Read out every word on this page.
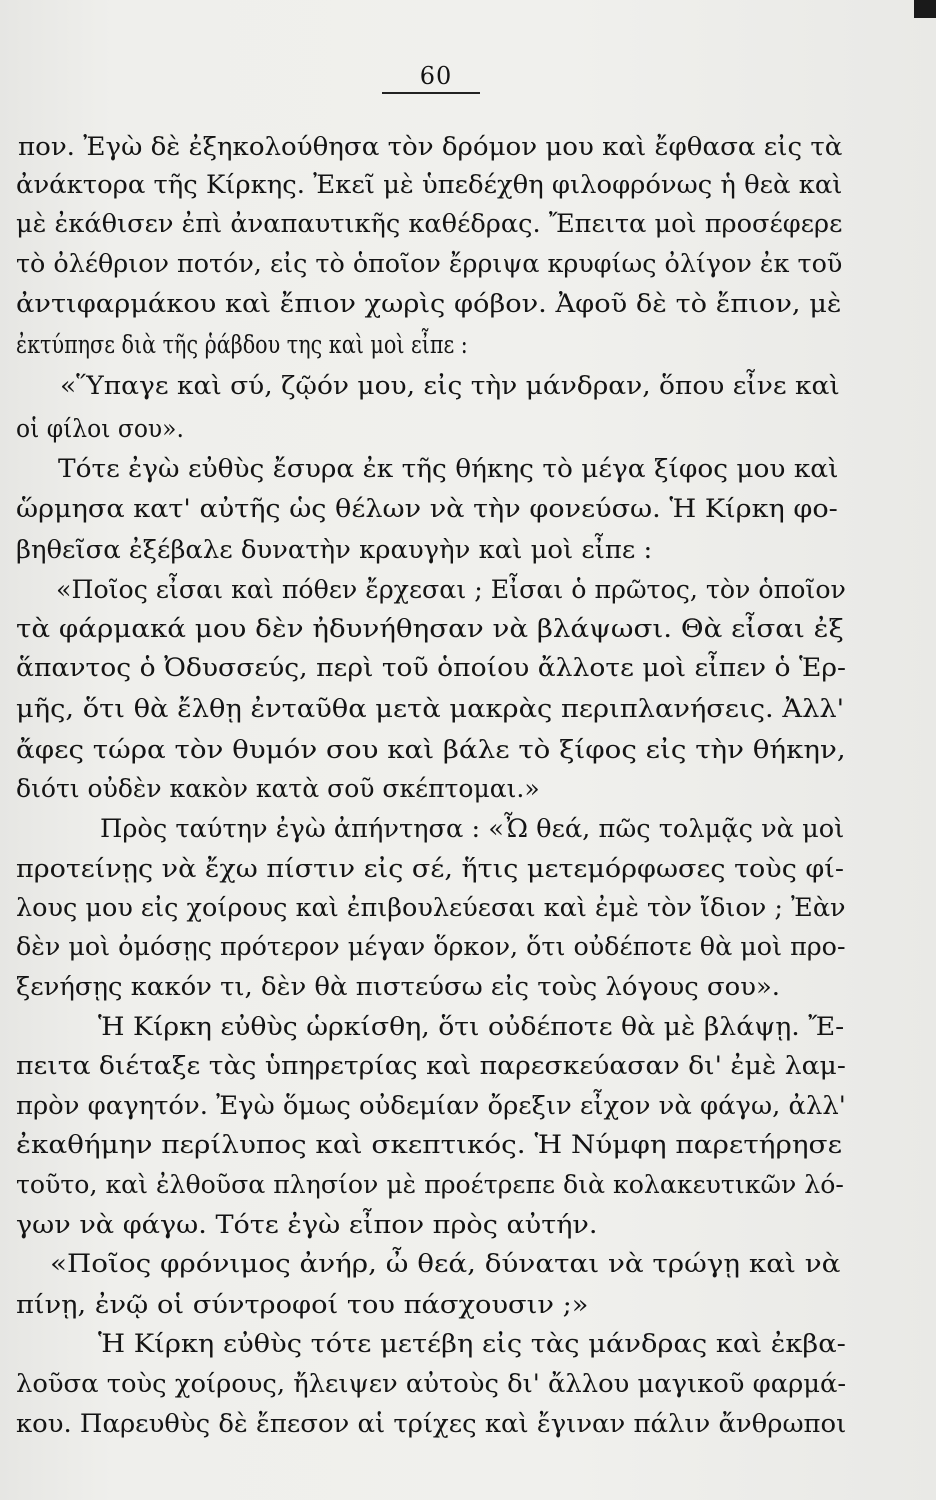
60
πον. Ἐγὼ δὲ ἐξηκολούθησα τὸν δρόμον μου καὶ ἔφθασα εἰς τὰ
ἀνάκτορα τῆς Κίρκης. Ἐκεῖ μὲ ὑπεδέχθη φιλοφρόνως ἡ θεὰ καὶ
μὲ ἐκάθισεν ἐπὶ ἀναπαυτικῆς καθέδρας. Ἔπειτα μοὶ προσέφερε
τὸ ὀλέθριον ποτόν, εἰς τὸ ὁποῖον ἔρριψα κρυφίως ὀλίγον ἐκ τοῦ
ἀντιφαρμάκου καὶ ἔπιον χωρὶς φόβον. Ἀφοῦ δὲ τὸ ἔπιον, μὲ
ἐκτύπησε διὰ τῆς ῥάβδου της καὶ μοὶ εἶπε :
«Ὕπαγε καὶ σύ, ζῷόν μου, εἰς τὴν μάνδραν, ὅπου εἶνε καὶ
οἱ φίλοι σου».
Τότε ἐγὼ εὐθὺς ἔσυρα ἐκ τῆς θήκης τὸ μέγα ξίφος μου καὶ
ὥρμησα κατ' αὐτῆς ὡς θέλων νὰ τὴν φονεύσω. Ἡ Κίρκη φο-
βηθεῖσα ἐξέβαλε δυνατὴν κραυγὴν καὶ μοὶ εἶπε :
«Ποῖος εἶσαι καὶ πόθεν ἔρχεσαι ; Εἶσαι ὁ πρῶτος, τὸν ὁποῖον
τὰ φάρμακά μου δὲν ἠδυνήθησαν νὰ βλάψωσι. Θὰ εἶσαι ἐξ
ἅπαντος ὁ Ὀδυσσεύς, περὶ τοῦ ὁποίου ἄλλοτε μοὶ εἶπεν ὁ Ἑρ-
μῆς, ὅτι θὰ ἔλθῃ ἐνταῦθα μετὰ μακρὰς περιπλανήσεις. Ἀλλ'
ἄφες τώρα τὸν θυμόν σου καὶ βάλε τὸ ξίφος εἰς τὴν θήκην,
διότι οὐδὲν κακὸν κατὰ σοῦ σκέπτομαι.»
Πρὸς ταύτην ἐγὼ ἀπήντησα : «Ὦ θεά, πῶς τολμᾷς νὰ μοὶ
προτείνῃς νὰ ἔχω πίστιν εἰς σέ, ἥτις μετεμόρφωσες τοὺς φί-
λους μου εἰς χοίρους καὶ ἐπιβουλεύεσαι καὶ ἐμὲ τὸν ἴδιον ; Ἐὰν
δὲν μοὶ ὀμόσῃς πρότερον μέγαν ὅρκον, ὅτι οὐδέποτε θὰ μοὶ προ-
ξενήσῃς κακόν τι, δὲν θὰ πιστεύσω εἰς τοὺς λόγους σου».
Ἡ Κίρκη εὐθὺς ὡρκίσθη, ὅτι οὐδέποτε θὰ μὲ βλάψῃ. Ἔ-
πειτα διέταξε τὰς ὑπηρετρίας καὶ παρεσκεύασαν δι' ἐμὲ λαμ-
πρὸν φαγητόν. Ἐγὼ ὅμως οὐδεμίαν ὄρεξιν εἶχον νὰ φάγω, ἀλλ'
ἐκαθήμην περίλυπος καὶ σκεπτικός. Ἡ Νύμφη παρετήρησε
τοῦτο, καὶ ἐλθοῦσα πλησίον μὲ προέτρεπε διὰ κολακευτικῶν λό-
γων νὰ φάγω. Τότε ἐγὼ εἶπον πρὸς αὐτήν.
«Ποῖος φρόνιμος ἀνήρ, ὦ θεά, δύναται νὰ τρώγῃ καὶ νὰ
πίνῃ, ἐνῷ οἱ σύντροφοί του πάσχουσιν ;»
Ἡ Κίρκη εὐθὺς τότε μετέβη εἰς τὰς μάνδρας καὶ ἐκβα-
λοῦσα τοὺς χοίρους, ἤλειψεν αὐτοὺς δι' ἄλλου μαγικοῦ φαρμά-
κου. Παρευθὺς δὲ ἔπεσον αἱ τρίχες καὶ ἔγιναν πάλιν ἄνθρωποι
